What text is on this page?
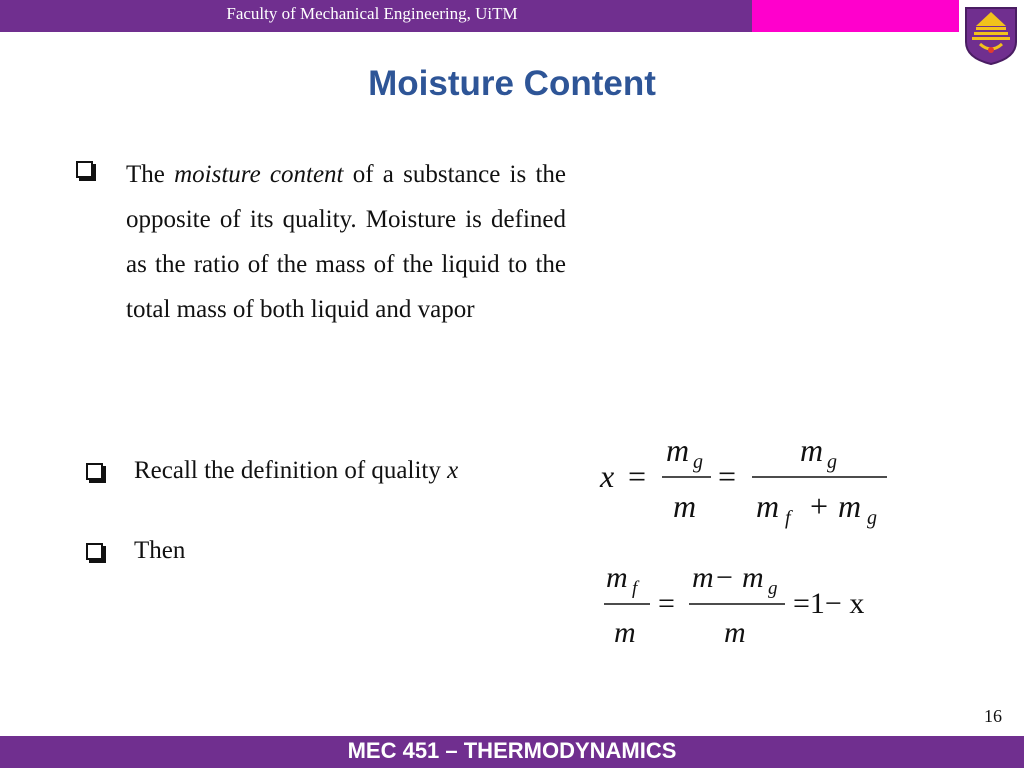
Faculty of Mechanical Engineering, UiTM
Moisture Content

The moisture content of a substance is the opposite of its quality. Moisture is defined as the ratio of the mass of the liquid to the total mass of both liquid and vapor

Recall the definition of quality x
Then
x =
m g
m
=
m g
m f + m g
m f
m
=
m − m g
m
=1− x
16
MEC 451 – THERMODYNAMICS
